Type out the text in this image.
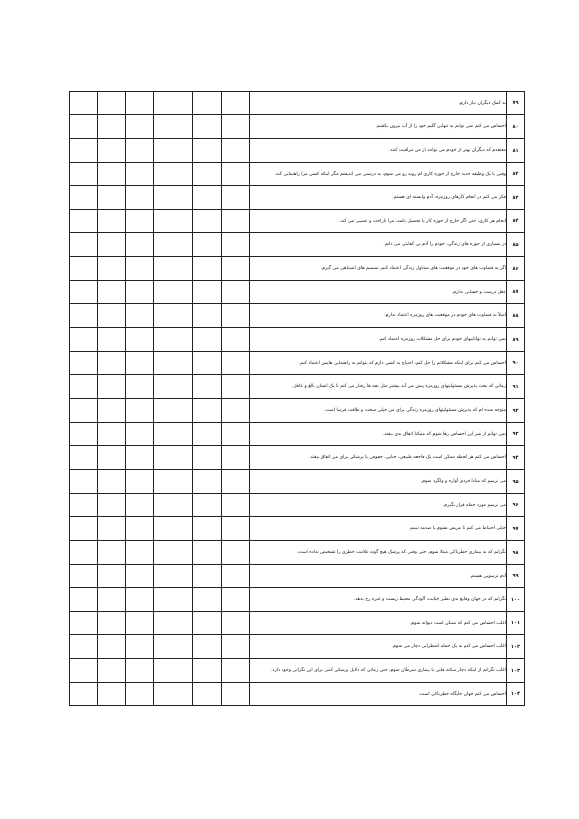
						به کمک دیگران نیاز دارم.	۷۹
						احساس می کنم نمی توانم به تنهایی گلیم خود را از آب بیرون بکشم.	۸۰
						معتقدم که دیگران بهتر از خودم می توانند از من مراقبت کنند.	۸۱
						وقتی با یک وظیفه جدید خارج از حوزه کاری ام روبه رو می شوم، به درستی می اندیشم مگر اینکه کسی مرا راهنمایی کند.	۸۲
						فکر می کنم در انجام کارهای روزمره، آدم وابسته ای هستم.	۸۳
						انجام هر کاری، حتی اگر خارج از حوزه کار یا تحصیل باشد، مرا ناراحت و عصبی می کند.	۸۴
						در بسیاری از حوزه های زندگی، خودم را آدم بی کفایتی می دانم.	۸۵
						اگر به قضاوت های خود در موقعیت های متداول زندگی اعتماد کنم، تصمیم های اشتباهی می گیرم.	۸۶
						عقل درست و حسابی ندارم.	۸۷
						اصلاً به قضاوت های خودم در موقعیت های روزمره اعتماد ندارم.	۸۸
						نمی توانم به تواناییهای خودم برای حل مشکلات روزمره اعتماد کنم.	۸۹
						احساس می کنم برای اینکه مشکلاتم را حل کنم، احتیاج به کسی دارم که بتوانم به راهنمایی هایش اعتماد کنم.	۹۰
						زمانی که بحث پذیرش مسئولیتهای روزمره پیش می آید بیشتر مثل بچه ها رفتار می کنم تا یک انسان بالغ و عاقل.	۹۱
						متوجه شده ام که پذیرش مسئولیتهای روزمره زندگی برای من خیلی سخت و طاقت فرسا است.	۹۲
						نمی توانم از شر این احساس رها شوم که ممکنا اتفاق بدی بیفتد.	۹۳
						احساس می کنم هر لحظه ممکن است یک فاجعه طبیعی، جنایی، حقوقی یا پزشکی برای من اتفاق بیفتد.	۹۴
						می ترسم که مبادا فردی آواره و ولگرد شوم.	۹۵
						می ترسم مورد حمله قرار بگیرم.	۹۶
						خیلی احتیاط می کنم تا مریض نشوم یا صدمه نبینم.	۹۷
						نگرانم که به بیماری خطرناکی مبتلا شوم، حتی وقتی که پزشک هیچ گونه علامت خطری را تشخیص نداده است.	۹۸
						آدم ترسویی هستم.	۹۹
						نگرانم که در جهان وقایع بدی نظیر جنایت، آلودگی محیط زیست و غیره رخ بدهد.	۱۰۰
						اغلب احساس می کنم که ممکن است دیوانه شوم.	۱۰۱
						اغلب احساس می کنم به یک حمله اضطرابی دچار می شوم.	۱۰۲
						اغلب نگرانم از اینکه دچار سکته قلبی یا بیماری سرطان شوم، حتی زمانی که دلایل پزشکی کمی برای این نگرانی وجود دارد.	۱۰۳
						احساس می کنم جهان جایگاه خطرناکی است.	۱۰۴
